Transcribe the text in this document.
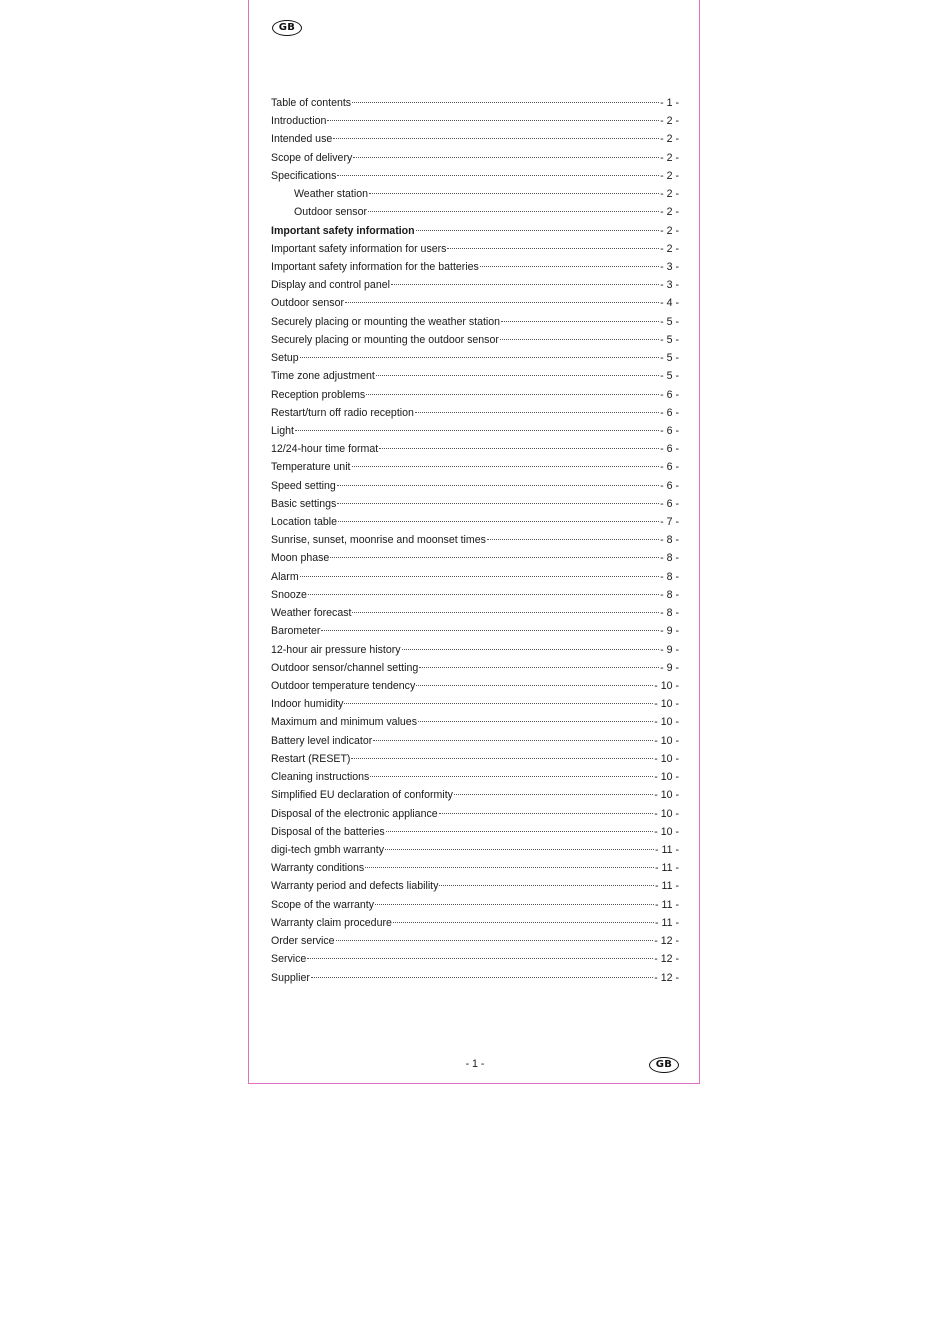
GB
Table of contents	- 1 -
Introduction	- 2 -
Intended use	- 2 -
Scope of delivery	- 2 -
Specifications	- 2 -
Weather station	- 2 -
Outdoor sensor	- 2 -
Important safety information	- 2 -
Important safety information for users	- 2 -
Important safety information for the batteries	- 3 -
Display and control panel	- 3 -
Outdoor sensor	- 4 -
Securely placing or mounting the weather station	- 5 -
Securely placing or mounting the outdoor sensor	- 5 -
Setup	- 5 -
Time zone adjustment	- 5 -
Reception problems	- 6 -
Restart/turn off radio reception	- 6 -
Light	- 6 -
12/24-hour time format	- 6 -
Temperature unit	- 6 -
Speed setting	- 6 -
Basic settings	- 6 -
Location table	- 7 -
Sunrise, sunset, moonrise and moonset times	- 8 -
Moon phase	- 8 -
Alarm	- 8 -
Snooze	- 8 -
Weather forecast	- 8 -
Barometer	- 9 -
12-hour air pressure history	- 9 -
Outdoor sensor/channel setting	- 9 -
Outdoor temperature tendency	- 10 -
Indoor humidity	- 10 -
Maximum and minimum values	- 10 -
Battery level indicator	- 10 -
Restart (RESET)	- 10 -
Cleaning instructions	- 10 -
Simplified EU declaration of conformity	- 10 -
Disposal of the electronic appliance	- 10 -
Disposal of the batteries	- 10 -
digi-tech gmbh warranty	- 11 -
Warranty conditions	- 11 -
Warranty period and defects liability	- 11 -
Scope of the warranty	- 11 -
Warranty claim procedure	- 11 -
Order service	- 12 -
Service	- 12 -
Supplier	- 12 -
- 1 -	GB
